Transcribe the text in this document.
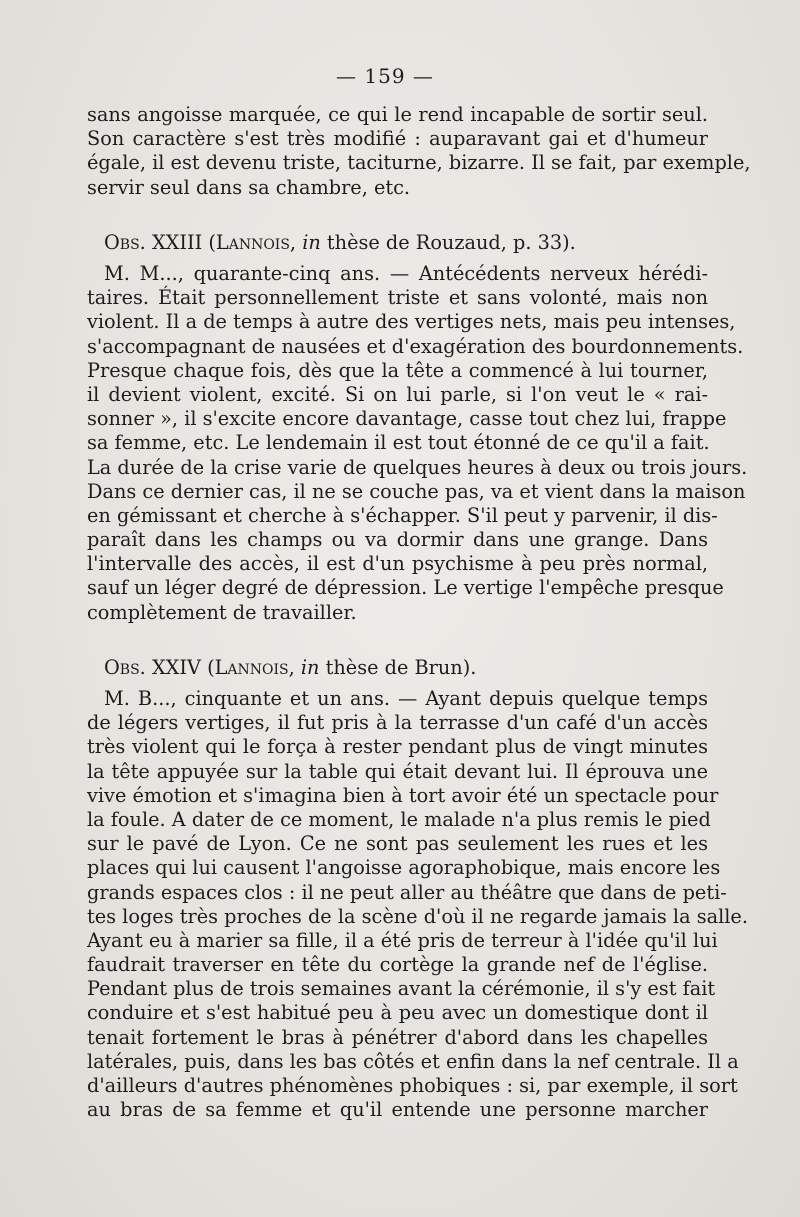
— 159 —
sans angoisse marquée, ce qui le rend incapable de sortir seul.
Son caractère s'est très modifié : auparavant gai et d'humeur
égale, il est devenu triste, taciturne, bizarre. Il se fait, par exemple,
servir seul dans sa chambre, etc.
Obs. XXIII (Lannois, in thèse de Rouzaud, p. 33).
M. M..., quarante-cinq ans. — Antécédents nerveux hérédi-
taires. Était personnellement triste et sans volonté, mais non
violent. Il a de temps à autre des vertiges nets, mais peu intenses,
s'accompagnant de nausées et d'exagération des bourdonnements.
Presque chaque fois, dès que la tête a commencé à lui tourner,
il devient violent, excité. Si on lui parle, si l'on veut le « rai-
sonner », il s'excite encore davantage, casse tout chez lui, frappe
sa femme, etc. Le lendemain il est tout étonné de ce qu'il a fait.
La durée de la crise varie de quelques heures à deux ou trois jours.
Dans ce dernier cas, il ne se couche pas, va et vient dans la maison
en gémissant et cherche à s'échapper. S'il peut y parvenir, il dis-
paraît dans les champs ou va dormir dans une grange. Dans
l'intervalle des accès, il est d'un psychisme à peu près normal,
sauf un léger degré de dépression. Le vertige l'empêche presque
complètement de travailler.
Obs. XXIV (Lannois, in thèse de Brun).
M. B..., cinquante et un ans. — Ayant depuis quelque temps
de légers vertiges, il fut pris à la terrasse d'un café d'un accès
très violent qui le força à rester pendant plus de vingt minutes
la tête appuyée sur la table qui était devant lui. Il éprouva une
vive émotion et s'imagina bien à tort avoir été un spectacle pour
la foule. A dater de ce moment, le malade n'a plus remis le pied
sur le pavé de Lyon. Ce ne sont pas seulement les rues et les
places qui lui causent l'angoisse agoraphobique, mais encore les
grands espaces clos : il ne peut aller au théâtre que dans de peti-
tes loges très proches de la scène d'où il ne regarde jamais la salle.
Ayant eu à marier sa fille, il a été pris de terreur à l'idée qu'il lui
faudrait traverser en tête du cortège la grande nef de l'église.
Pendant plus de trois semaines avant la cérémonie, il s'y est fait
conduire et s'est habitué peu à peu avec un domestique dont il
tenait fortement le bras à pénétrer d'abord dans les chapelles
latérales, puis, dans les bas côtés et enfin dans la nef centrale. Il a
d'ailleurs d'autres phénomènes phobiques : si, par exemple, il sort
au bras de sa femme et qu'il entende une personne marcher
